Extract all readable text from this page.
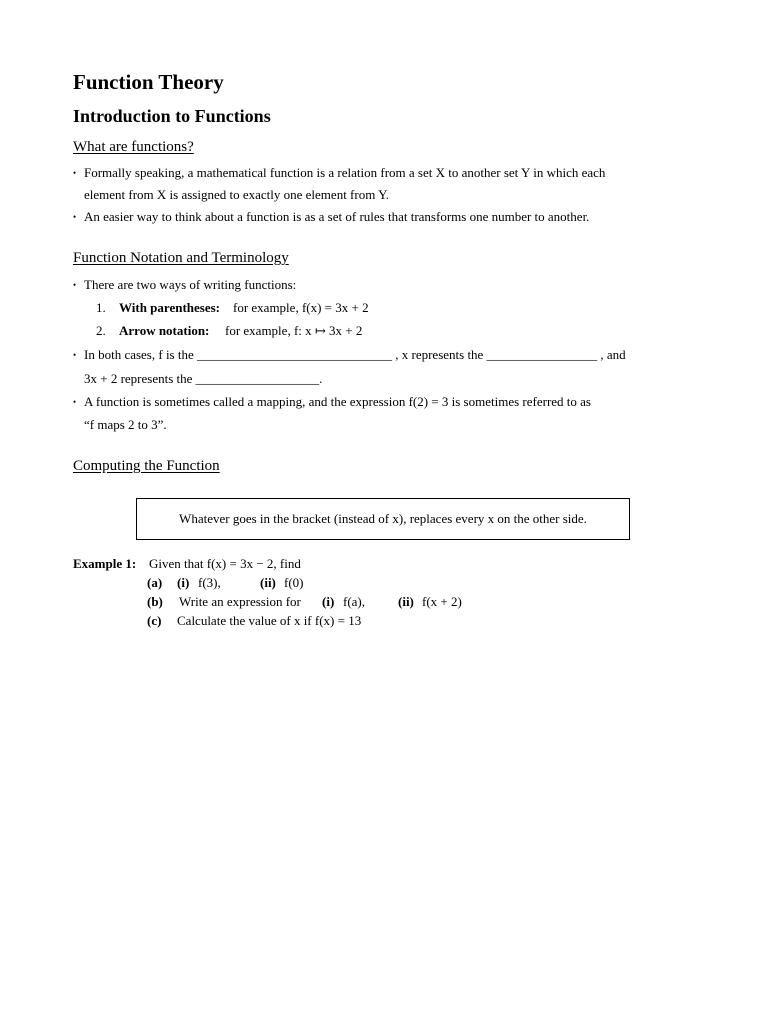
Function Theory
Introduction to Functions
What are functions?
• Formally speaking, a mathematical function is a relation from a set X to another set Y in which each
element from X is assigned to exactly one element from Y.
• An easier way to think about a function is as a set of rules that transforms one number to another.
Function Notation and Terminology
• There are two ways of writing functions:
1. With parentheses: for example, f(x) = 3x + 2
2. Arrow notation: for example, f: x ↦ 3x + 2
• In both cases, f is the ______________________________ , x represents the _________________ , and
3x + 2 represents the ___________________.
• A function is sometimes called a mapping, and the expression f(2) = 3 is sometimes referred to as
“f maps 2 to 3”.
Computing the Function
Whatever goes in the bracket (instead of x), replaces every x on the other side.
Example 1: Given that f(x) = 3x − 2, find
(a) (i) f(3),	(ii) f(0)
(b) Write an expression for (i) f(a),	(ii) f(x + 2)
(c) Calculate the value of x if f(x) = 13
